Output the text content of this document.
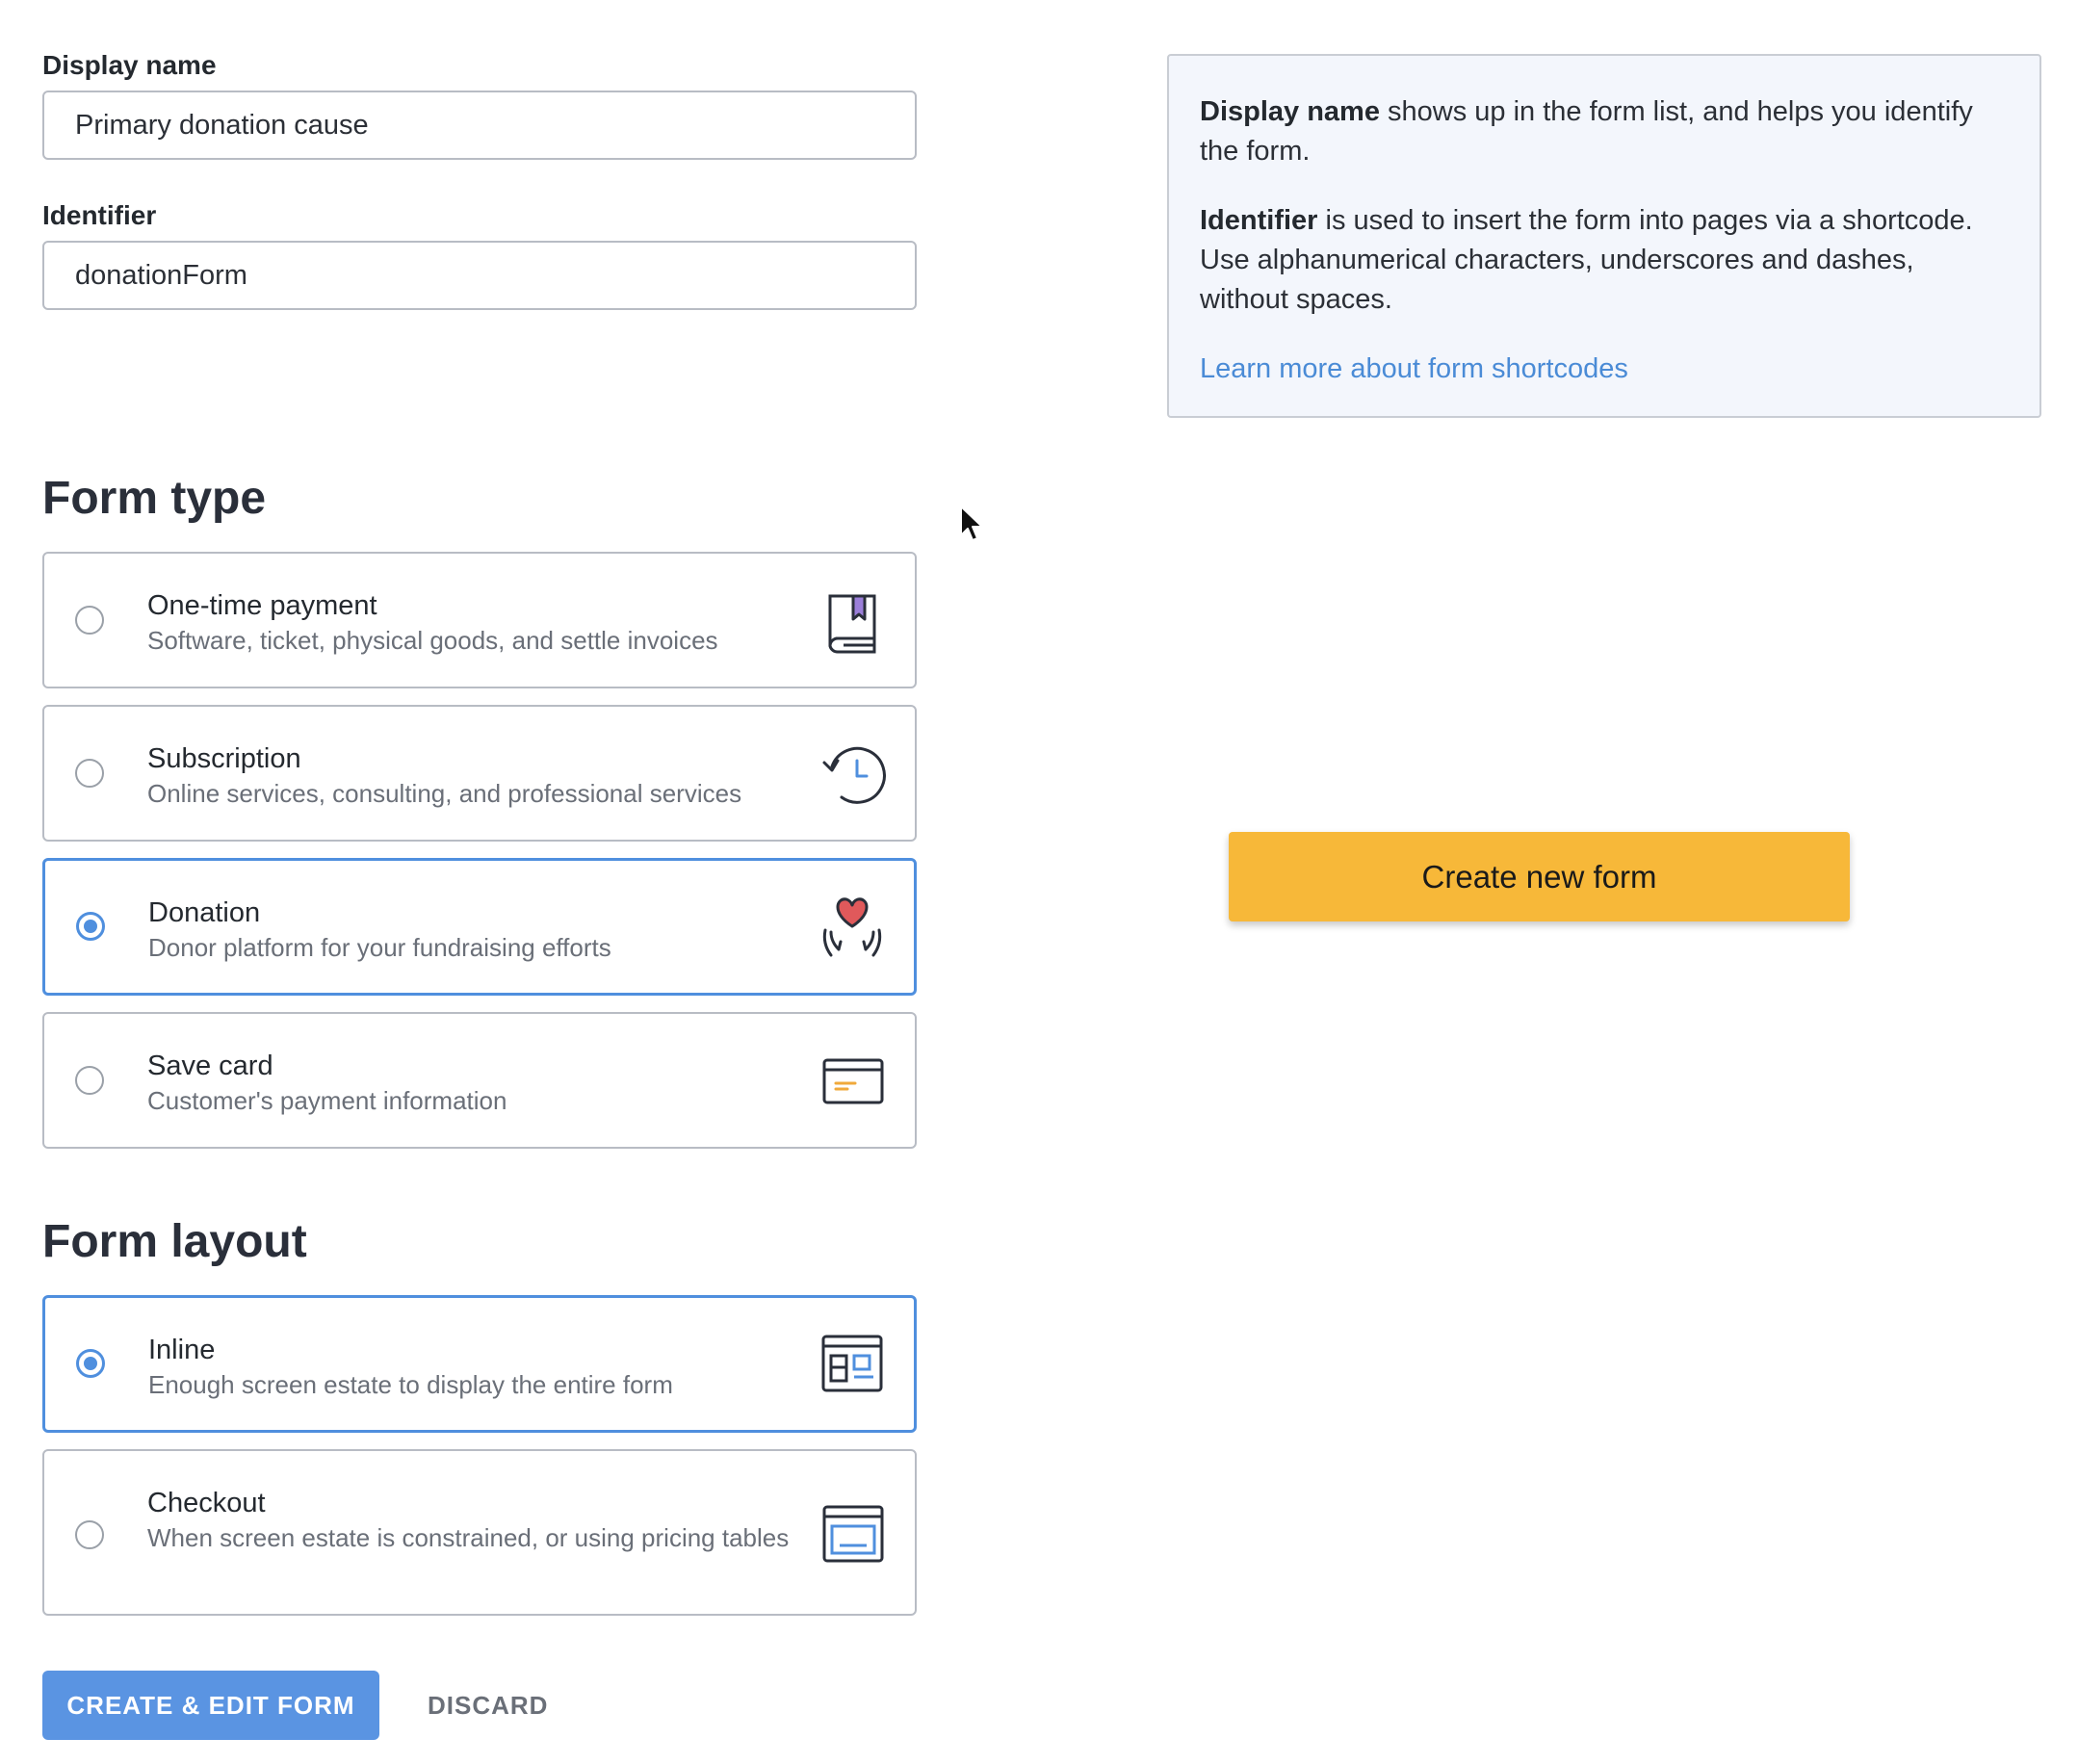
Display name
Primary donation cause
Identifier
donationForm
Form type
One-time payment
Software, ticket, physical goods, and settle invoices
Subscription
Online services, consulting, and professional services
Donation
Donor platform for your fundraising efforts
Save card
Customer's payment information
Form layout
Inline
Enough screen estate to display the entire form
Checkout
When screen estate is constrained, or using pricing tables
CREATE & EDIT FORM	DISCARD

Display name shows up in the form list, and helps you identify the form.

Identifier is used to insert the form into pages via a shortcode. Use alphanumerical characters, underscores and dashes, without spaces.

Learn more about form shortcodes
Create new form
